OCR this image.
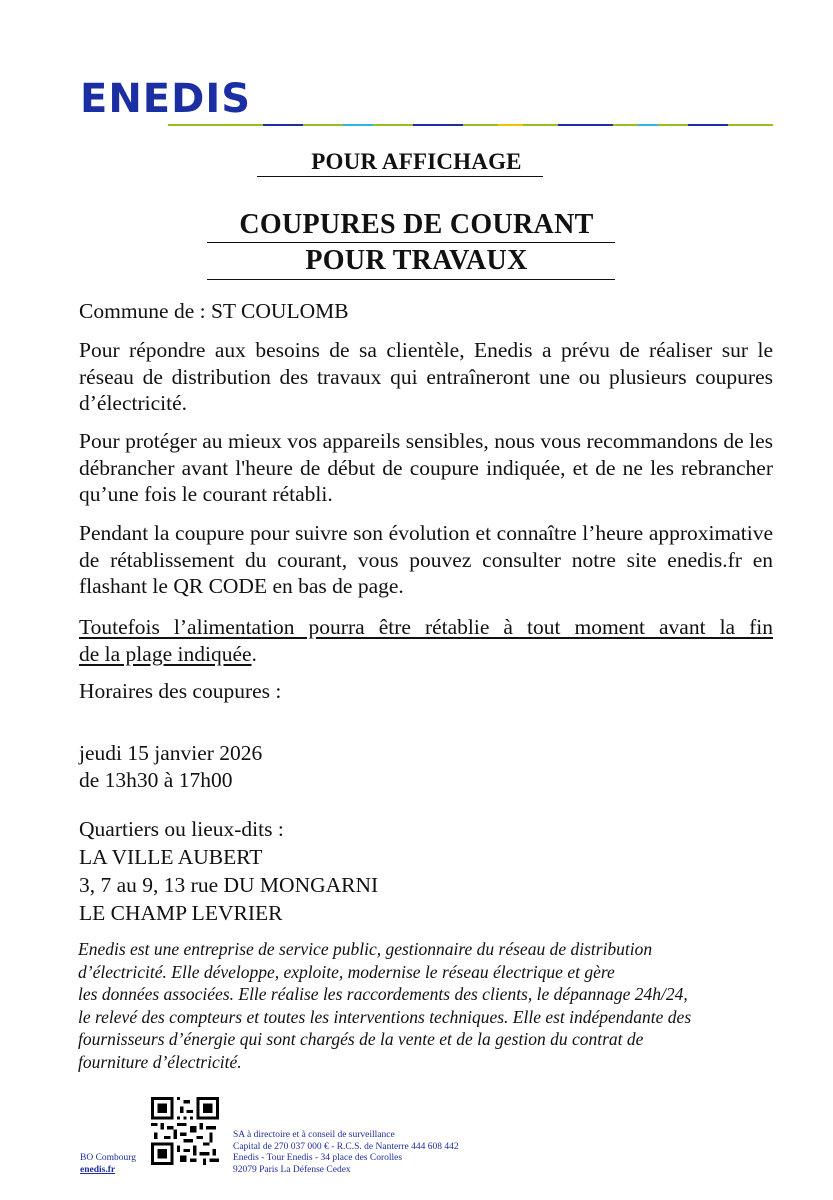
ENEDIS
POUR AFFICHAGE
COUPURES DE COURANT
POUR TRAVAUX
Commune de : ST COULOMB

Pour répondre aux besoins de sa clientèle, Enedis a prévu de réaliser sur le réseau de distribution des travaux qui entraîneront une ou plusieurs coupures d’électricité.

Pour protéger au mieux vos appareils sensibles, nous vous recommandons de les débrancher avant l'heure de début de coupure indiquée, et de ne les rebrancher qu’une fois le courant rétabli.

Pendant la coupure pour suivre son évolution et connaître l’heure approximative de rétablissement du courant, vous pouvez consulter notre site enedis.fr en flashant le QR CODE en bas de page.

Toutefois l’alimentation pourra être rétablie à tout moment avant la fin
de la plage indiquée.
Horaires des coupures :
jeudi 15 janvier 2026
de 13h30 à 17h00
Quartiers ou lieux-dits :
LA VILLE AUBERT
3, 7 au 9, 13 rue DU MONGARNI
LE CHAMP LEVRIER
Enedis est une entreprise de service public, gestionnaire du réseau de distribution
d’électricité. Elle développe, exploite, modernise le réseau électrique et gère
les données associées. Elle réalise les raccordements des clients, le dépannage 24h/24,
le relevé des compteurs et toutes les interventions techniques. Elle est indépendante des
fournisseurs d’énergie qui sont chargés de la vente et de la gestion du contrat de
fourniture d’électricité.
BO Combourg
enedis.fr
SA à directoire et à conseil de surveillance
Capital de 270 037 000 € - R.C.S. de Nanterre 444 608 442
Enedis - Tour Enedis - 34 place des Corolles
92079 Paris La Défense Cedex
